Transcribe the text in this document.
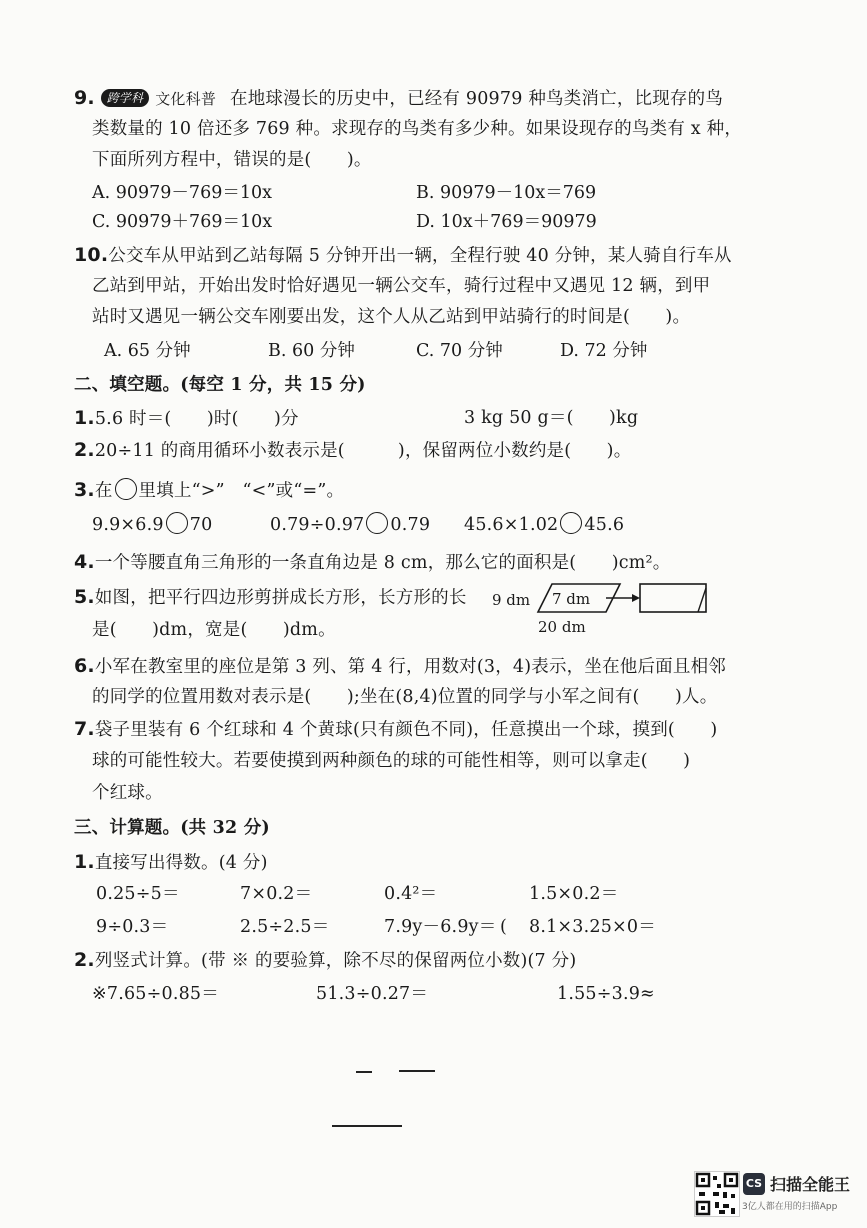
9. 跨学科 文化科普 在地球漫长的历史中，已经有 90979 种鸟类消亡，比现存的鸟
类数量的 10 倍还多 769 种。求现存的鸟类有多少种。如果设现存的鸟类有 x 种，
下面所列方程中，错误的是(　　)。
A. 90979－769＝10x	B. 90979－10x＝769
C. 90979＋769＝10x	D. 10x＋769＝90979
10.公交车从甲站到乙站每隔 5 分钟开出一辆，全程行驶 40 分钟，某人骑自行车从
乙站到甲站，开始出发时恰好遇见一辆公交车，骑行过程中又遇见 12 辆，到甲
站时又遇见一辆公交车刚要出发，这个人从乙站到甲站骑行的时间是(　　)。
A. 65 分钟	B. 60 分钟	C. 70 分钟	D. 72 分钟
二、填空题。(每空 1 分，共 15 分)
1.5.6 时＝(　　)时(　　)分	3 kg 50 g＝(　　)kg
2.20÷11 的商用循环小数表示是(　　　)，保留两位小数约是(　　)。
3.在 里填上“>”　“<”或“=”。
9.9×6.9 70	0.79÷0.97 0.79 45.6×1.02 45.6
4.一个等腰直角三角形的一条直角边是 8 cm，那么它的面积是(　　)cm²。
5.如图，把平行四边形剪拼成长方形，长方形的长
是(　　)dm，宽是(　　)dm。
9 dm 7 dm
20 dm
6.小军在教室里的座位是第 3 列、第 4 行，用数对(3，4)表示，坐在他后面且相邻
的同学的位置用数对表示是(　　);坐在(8,4)位置的同学与小军之间有(　　)人。
7.袋子里装有 6 个红球和 4 个黄球(只有颜色不同)，任意摸出一个球，摸到(　　)
球的可能性较大。若要使摸到两种颜色的球的可能性相等，则可以拿走(　　)
个红球。
三、计算题。(共 32 分)
1.直接写出得数。(4 分)
0.25÷5＝	7×0.2＝	0.4²＝	1.5×0.2＝
9÷0.3＝	2.5÷2.5＝	7.9y－6.9y＝ ( 8.1×3.25×0＝
2.列竖式计算。(带 ※ 的要验算，除不尽的保留两位小数)(7 分)
※7.65÷0.85＝	51.3÷0.27＝	1.55÷3.9≈
CS 扫描全能王
3亿人都在用的扫描App
